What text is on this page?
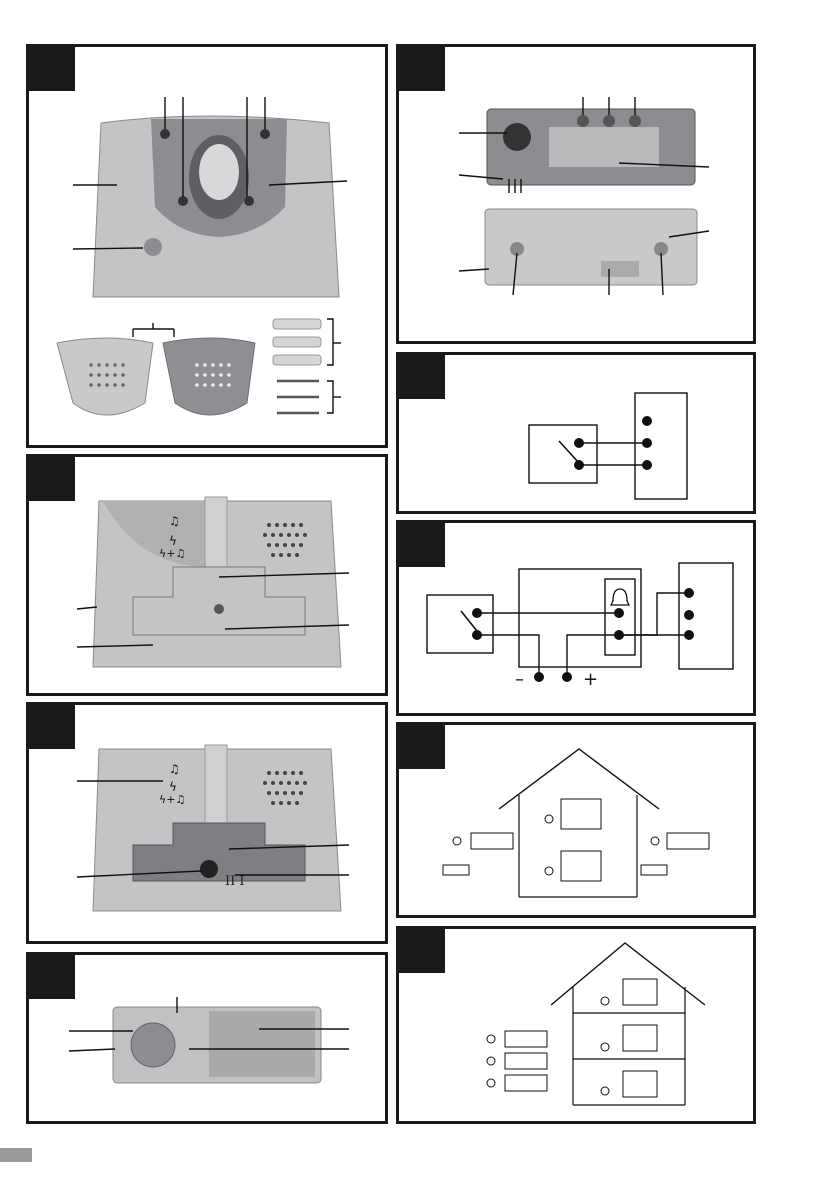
–	+
♫
ϟ
ϟ+♫
♫
ϟ
ϟ+♫
II I
